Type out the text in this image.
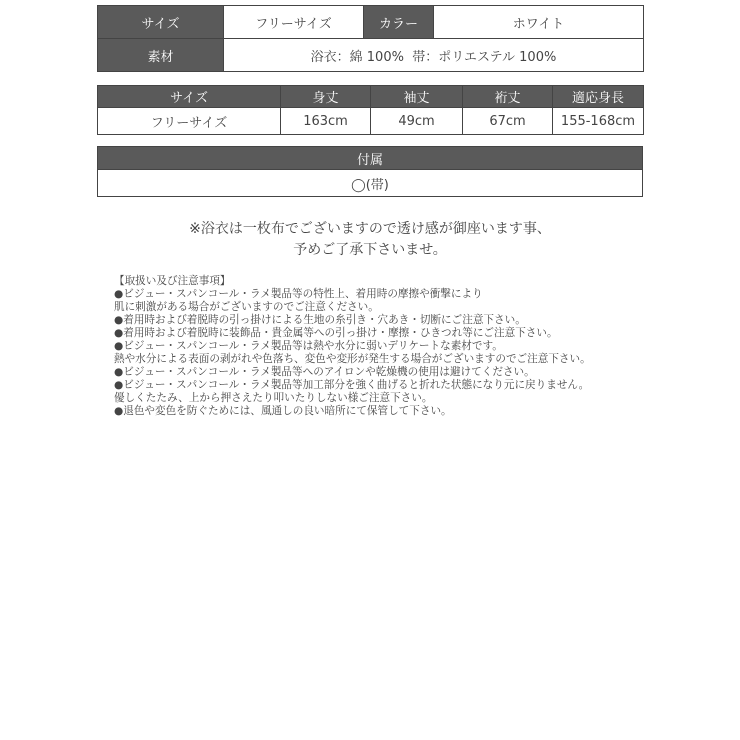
サイズ	フリーサイズ	カラー	ホワイト
素材	浴衣：綿 100%  帯：ポリエステル 100%		
サイズ	身丈	袖丈	裄丈	適応身長
フリーサイズ	163cm	49cm	67cm	155-168cm
付属
◯(帯)
※浴衣は一枚布でございますので透け感が御座います事、
予めご了承下さいませ。
【取扱い及び注意事項】
●ビジュー・スパンコール・ラメ製品等の特性上、着用時の摩擦や衝撃により
肌に刺激がある場合がございますのでご注意ください。
●着用時および着脱時の引っ掛けによる生地の糸引き・穴あき・切断にご注意下さい。
●着用時および着脱時に装飾品・貴金属等への引っ掛け・摩擦・ひきつれ等にご注意下さい。
●ビジュー・スパンコール・ラメ製品等は熱や水分に弱いデリケートな素材です。
熱や水分による表面の剥がれや色落ち、変色や変形が発生する場合がございますのでご注意下さい。
●ビジュー・スパンコール・ラメ製品等へのアイロンや乾燥機の使用は避けてください。
●ビジュー・スパンコール・ラメ製品等加工部分を強く曲げると折れた状態になり元に戻りません。
優しくたたみ、上から押さえたり叩いたりしない様ご注意下さい。
●退色や変色を防ぐためには、風通しの良い暗所にて保管して下さい。
